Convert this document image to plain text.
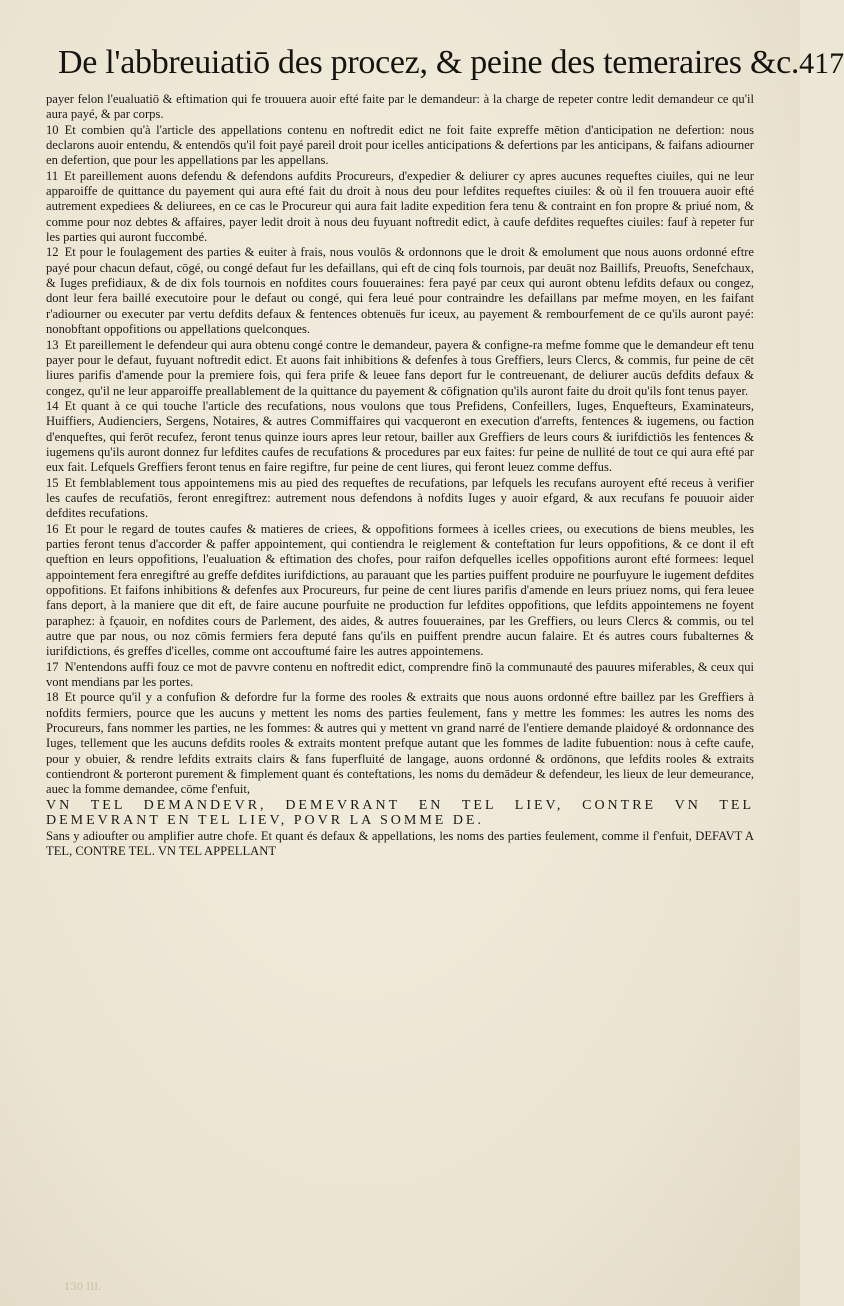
De l'abbreuiatiō des procez, & peine des temeraires &c. 417

payer felon l'eualuatiō & eftimation qui fe trouuera auoir efté faite par le demandeur: à la charge de repeter contre ledit demandeur ce qu'il aura payé, & par corps.

10 Et combien qu'à l'article des appellations contenu en noftredit edict ne foit faite expreffe mētion d'anticipation ne defertion: nous declarons auoir entendu, & entendōs qu'il foit payé pareil droit pour icelles anticipations & defertions par les anticipans, & faifans adiourner en defertion, que pour les appellations par les appellans.

11 Et pareillement auons defendu & defendons aufdits Procureurs, d'expedier & deliurer cy apres aucunes requeftes ciuiles, qui ne leur apparoiffe de quittance du payement qui aura efté fait du droit à nous deu pour lefdites requeftes ciuiles: & où il fen trouuera auoir efté autrement expediees & deliurees, en ce cas le Procureur qui aura fait ladite expedition fera tenu & contraint en fon propre & priué nom, & comme pour noz debtes & affaires, payer ledit droit à nous deu fuyuant noftredit edict, à caufe defdites requeftes ciuiles: fauf à repeter fur les parties qui auront fuccombé.

12 Et pour le foulagement des parties & euiter à frais, nous voulōs & ordonnons que le droit & emolument que nous auons ordonné eftre payé pour chacun defaut, cōgé, ou congé defaut fur les defaillans, qui eft de cinq fols tournois, par deuāt noz Baillifs, Preuofts, Senefchaux, & Iuges prefidiaux, & de dix fols tournois en nofdites cours fouueraines: fera payé par ceux qui auront obtenu lefdits defaux ou congez, dont leur fera baillé executoire pour le defaut ou congé, qui fera leué pour contraindre les defaillans par mefme moyen, en les faifant r'adiourner ou executer par vertu defdits defaux & fentences obtenuës fur iceux, au payement & rembourfement de ce qu'ils auront payé: nonobftant oppofitions ou appellations quelconques.

13 Et pareillement le defendeur qui aura obtenu congé contre le demandeur, payera & configne-ra mefme fomme que le demandeur eft tenu payer pour le defaut, fuyuant noftredit edict. Et auons fait inhibitions & defenfes à tous Greffiers, leurs Clercs, & commis, fur peine de cēt liures parifis d'amende pour la premiere fois, qui fera prife & leuee fans deport fur le contreuenant, de deliurer aucūs defdits defaux & congez, qu'il ne leur apparoiffe preallablement de la quittance du payement & cōfignation qu'ils auront faite du droit qu'ils font tenus payer.

14 Et quant à ce qui touche l'article des recufations, nous voulons que tous Prefidens, Confeillers, Iuges, Enquefteurs, Examinateurs, Huiffiers, Audienciers, Sergens, Notaires, & autres Commiffaires qui vacqueront en execution d'arrefts, fentences & iugemens, ou faction d'enqueftes, qui ferōt recufez, feront tenus quinze iours apres leur retour, bailler aux Greffiers de leurs cours & iurifdictiōs les fentences & iugemens qu'ils auront donnez fur lefdites caufes de recufations & procedures par eux faites: fur peine de nullité de tout ce qui aura efté par eux fait. Lefquels Greffiers feront tenus en faire regiftre, fur peine de cent liures, qui feront leuez comme deffus.

15 Et femblablement tous appointemens mis au pied des requeftes de recufations, par lefquels les recufans auroyent efté receus à verifier les caufes de recufatiōs, feront enregiftrez: autrement nous defendons à nofdits Iuges y auoir efgard, & aux recufans fe pouuoir aider defdites recufations.

16 Et pour le regard de toutes caufes & matieres de criees, & oppofitions formees à icelles criees, ou executions de biens meubles, les parties feront tenus d'accorder & paffer appointement, qui contiendra le reiglement & conteftation fur leurs oppofitions, & ce dont il eft queftion en leurs oppofitions, l'eualuation & eftimation des chofes, pour raifon defquelles icelles oppofitions auront efté formees: lequel appointement fera enregiftré au greffe defdites iurifdictions, au parauant que les parties puiffent produire ne pourfuyure le iugement defdites oppofitions. Et faifons inhibitions & defenfes aux Procureurs, fur peine de cent liures parifis d'amende en leurs priuez noms, qui fera leuee fans deport, à la maniere que dit eft, de faire aucune pourfuite ne production fur lefdites oppofitions, que lefdits appointemens ne foyent paraphez: à fçauoir, en nofdites cours de Parlement, des aides, & autres fouueraines, par les Greffiers, ou leurs Clercs & commis, ou tel autre que par nous, ou noz cōmis fermiers fera deputé fans qu'ils en puiffent prendre aucun falaire. Et és autres cours fubalternes & iurifdictions, és greffes d'icelles, comme ont accouftumé faire les autres appointemens.

17 N'entendons auffi fouz ce mot de pavvre contenu en noftredit edict, comprendre finō la communauté des pauures miferables, & ceux qui vont mendians par les portes.

18 Et pource qu'il y a confufion & defordre fur la forme des rooles & extraits que nous auons ordonné eftre baillez par les Greffiers à nofdits fermiers, pource que les aucuns y mettent les noms des parties feulement, fans y mettre les fommes: les autres les noms des Procureurs, fans nommer les parties, ne les fommes: & autres qui y mettent vn grand narré de l'entiere demande plaidoyé & ordonnance des Iuges, tellement que les aucuns defdits rooles & extraits montent prefque autant que les fommes de ladite fubuention: nous à cefte caufe, pour y obuier, & rendre lefdits extraits clairs & fans fuperfluité de langage, auons ordonné & ordōnons, que lefdits rooles & extraits contiendront & porteront purement & fimplement quant és conteftations, les noms du demādeur & defendeur, les lieux de leur demeurance, auec la fomme demandee, cōme f'enfuit,

VN TEL DEMANDEVR, DEMEVRANT EN TEL LIEV, CONTRE VN TEL DEMEVRANT EN TEL LIEV, POVR LA SOMME DE.

Sans y adioufter ou amplifier autre chofe. Et quant és defaux & appellations, les noms des parties feulement, comme il f'enfuit, DEFAVT A TEL, CONTRE TEL. VN TEL APPELLANT

130 III.
